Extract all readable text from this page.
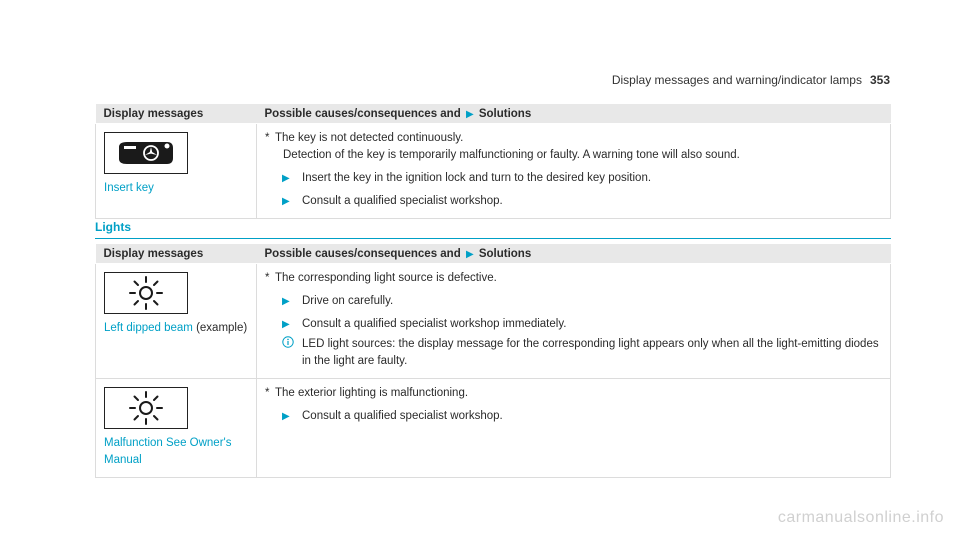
Display messages and warning/indicator lamps 353
Display messages	Possible causes/consequences and ▶ Solutions

Insert key	* The key is not detected continuously.
Detection of the key is temporarily malfunctioning or faulty. A warning tone will also sound.
▶ Insert the key in the ignition lock and turn to the desired key position.
▶ Consult a qualified specialist workshop.
Lights
Display messages	Possible causes/consequences and ▶ Solutions

Left dipped beam (example)	* The corresponding light source is defective.
▶ Drive on carefully.
▶ Consult a qualified specialist workshop immediately.
LED light sources: the display message for the corresponding light appears only when all the light-emitting diodes in the light are faulty.

Malfunction See Owner's Manual	* The exterior lighting is malfunctioning.
▶ Consult a qualified specialist workshop.
carmanualsonline.info
